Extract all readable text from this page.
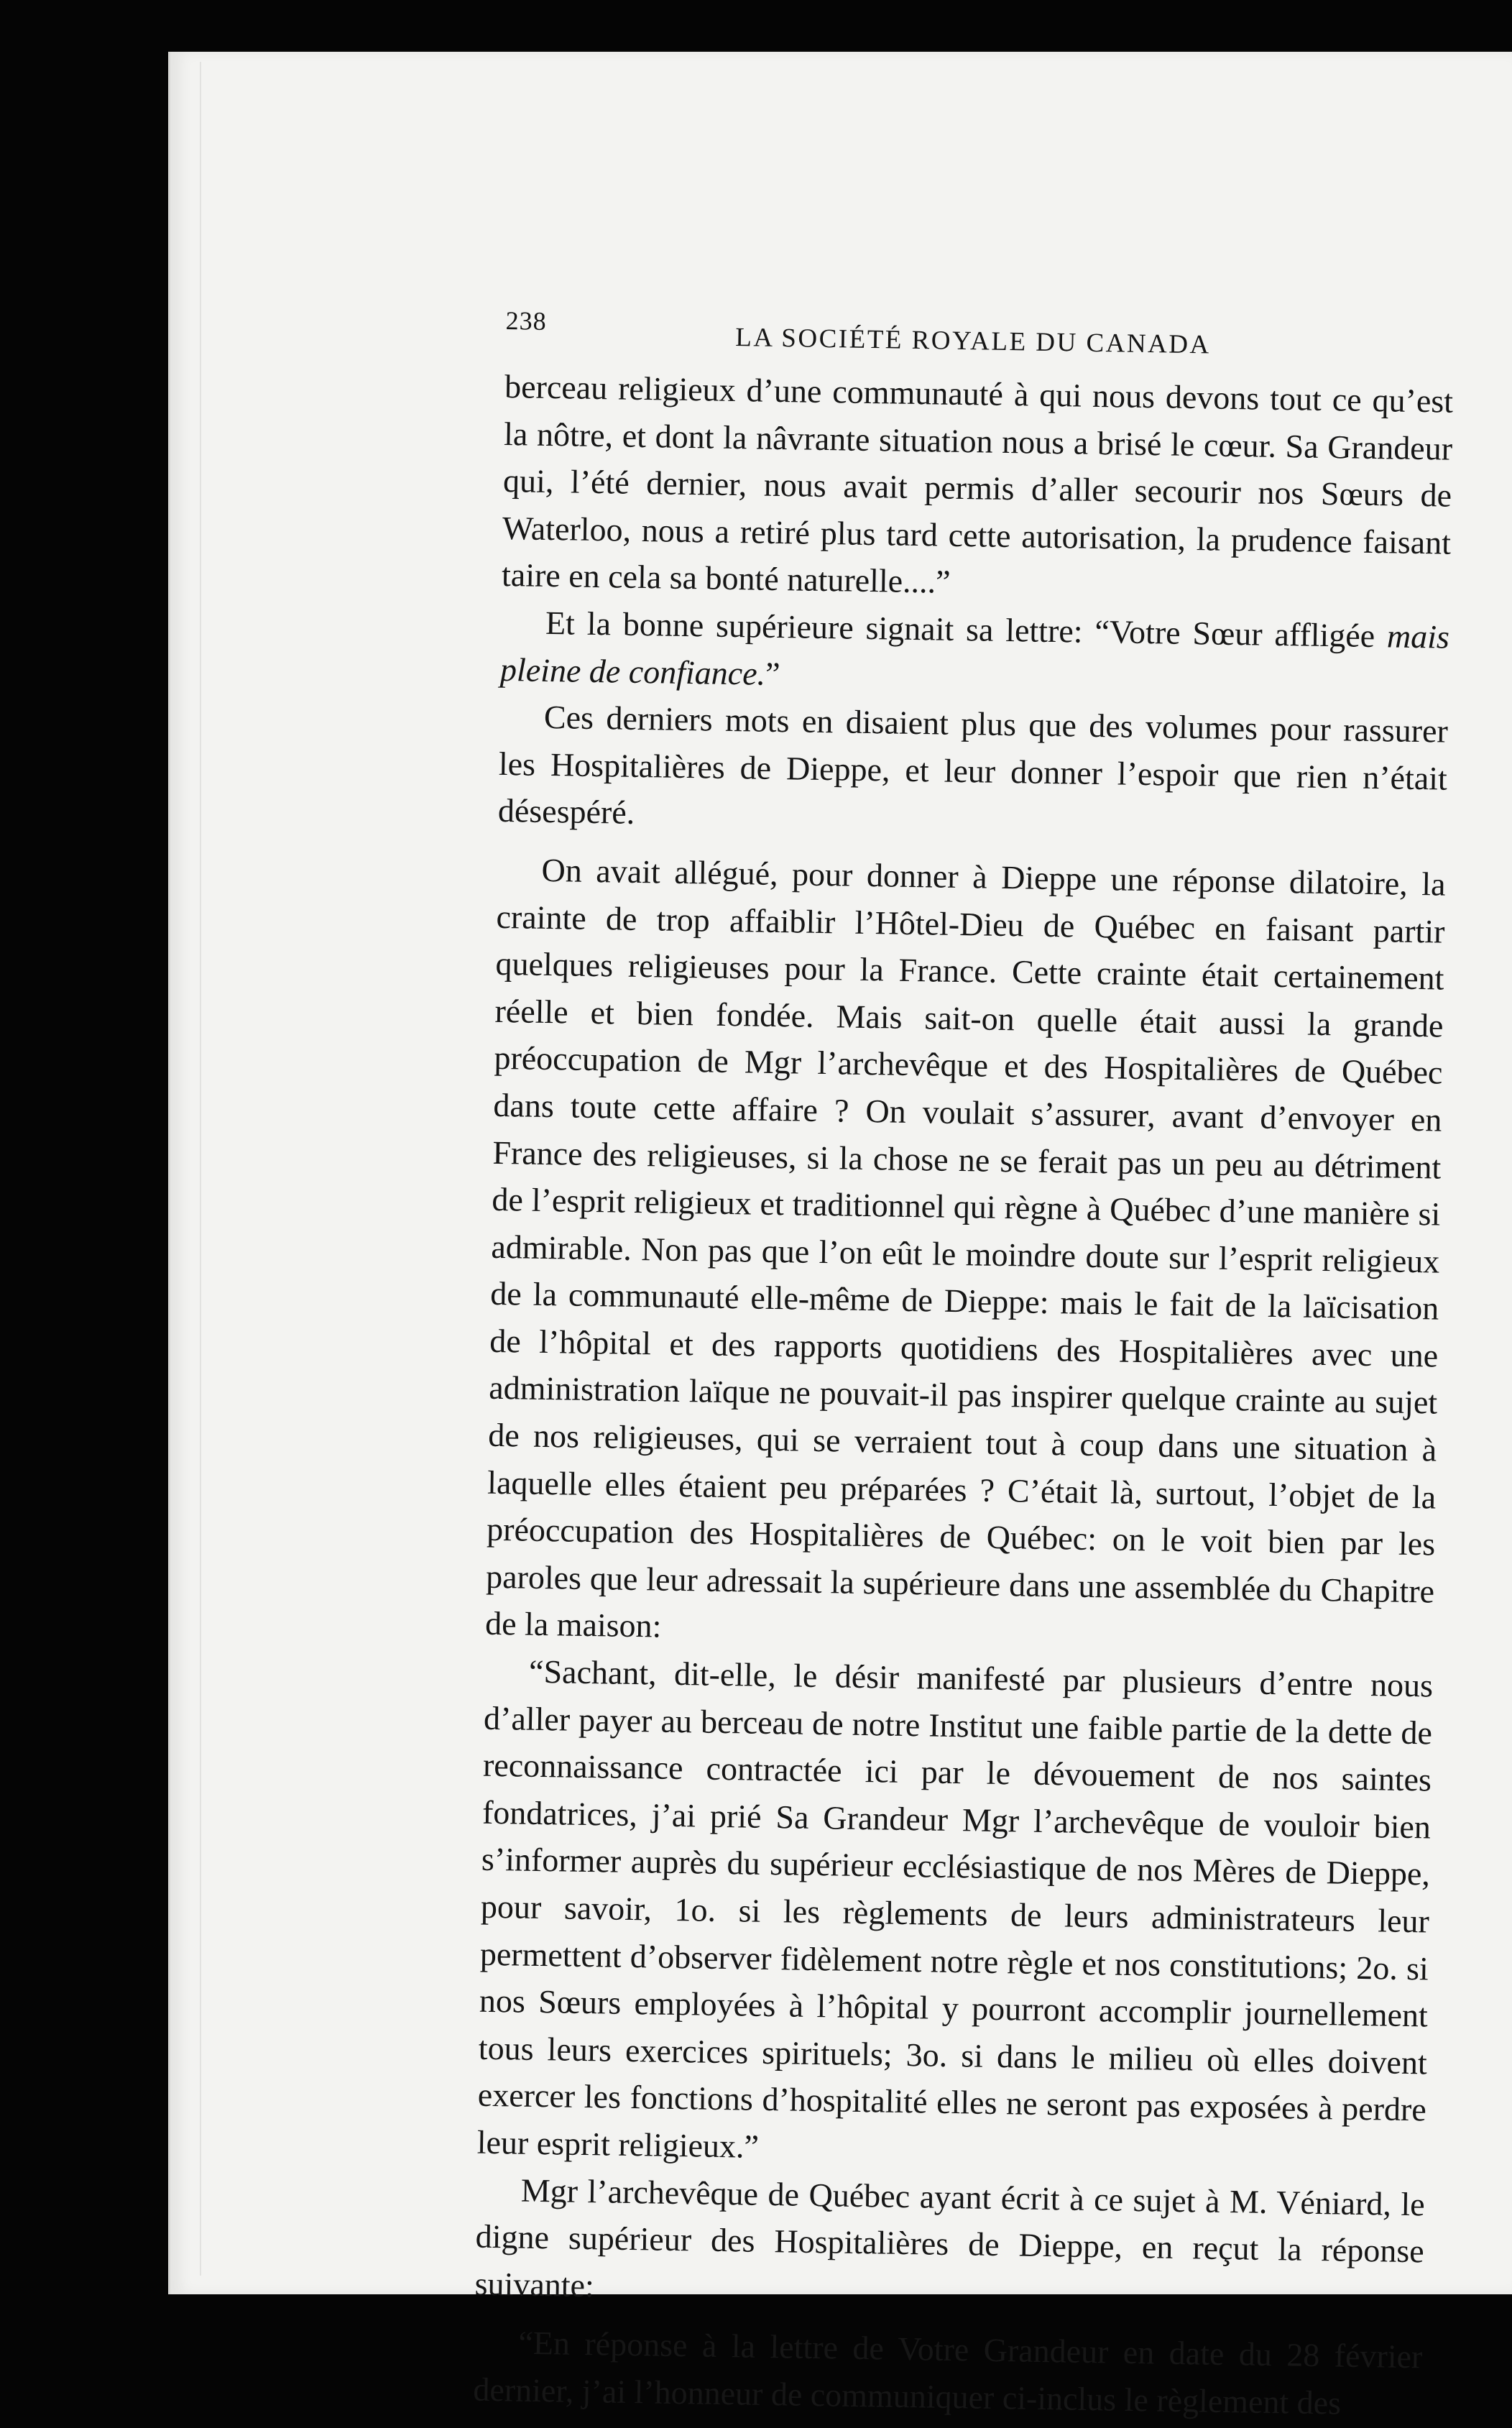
238
LA SOCIÉTÉ ROYALE DU CANADA

berceau religieux d’une communauté à qui nous devons tout ce qu’est la nôtre, et dont la nâvrante situation nous a brisé le cœur. Sa Grandeur qui, l’été dernier, nous avait permis d’aller secourir nos Sœurs de Waterloo, nous a retiré plus tard cette autorisation, la prudence faisant taire en cela sa bonté naturelle....”

Et la bonne supérieure signait sa lettre: “Votre Sœur affligée mais pleine de confiance.”

Ces derniers mots en disaient plus que des volumes pour rassurer les Hospitalières de Dieppe, et leur donner l’espoir que rien n’était désespéré.

On avait allégué, pour donner à Dieppe une réponse dilatoire, la crainte de trop affaiblir l’Hôtel-Dieu de Québec en faisant partir quelques religieuses pour la France. Cette crainte était certainement réelle et bien fondée. Mais sait-on quelle était aussi la grande préoccupation de Mgr l’archevêque et des Hospitalières de Québec dans toute cette affaire ? On voulait s’assurer, avant d’envoyer en France des religieuses, si la chose ne se ferait pas un peu au détriment de l’esprit religieux et traditionnel qui règne à Québec d’une manière si admirable. Non pas que l’on eût le moindre doute sur l’esprit religieux de la communauté elle-même de Dieppe: mais le fait de la laïcisation de l’hôpital et des rapports quotidiens des Hospitalières avec une administration laïque ne pouvait-il pas inspirer quelque crainte au sujet de nos religieuses, qui se verraient tout à coup dans une situation à laquelle elles étaient peu préparées ? C’était là, surtout, l’objet de la préoccupation des Hospitalières de Québec: on le voit bien par les paroles que leur adressait la supérieure dans une assemblée du Chapitre de la maison:

“Sachant, dit-elle, le désir manifesté par plusieurs d’entre nous d’aller payer au berceau de notre Institut une faible partie de la dette de reconnaissance contractée ici par le dévouement de nos saintes fondatrices, j’ai prié Sa Grandeur Mgr l’archevêque de vouloir bien s’informer auprès du supérieur ecclésiastique de nos Mères de Dieppe, pour savoir, 1o. si les règlements de leurs administrateurs leur permettent d’observer fidèlement notre règle et nos constitutions; 2o. si nos Sœurs employées à l’hôpital y pourront accomplir journellement tous leurs exercices spirituels; 3o. si dans le milieu où elles doivent exercer les fonctions d’hospitalité elles ne seront pas exposées à perdre leur esprit religieux.”

Mgr l’archevêque de Québec ayant écrit à ce sujet à M. Véniard, le digne supérieur des Hospitalières de Dieppe, en reçut la réponse suivante:

“En réponse à la lettre de Votre Grandeur en date du 28 février dernier, j’ai l’honneur de communiquer ci-inclus le règlement des
